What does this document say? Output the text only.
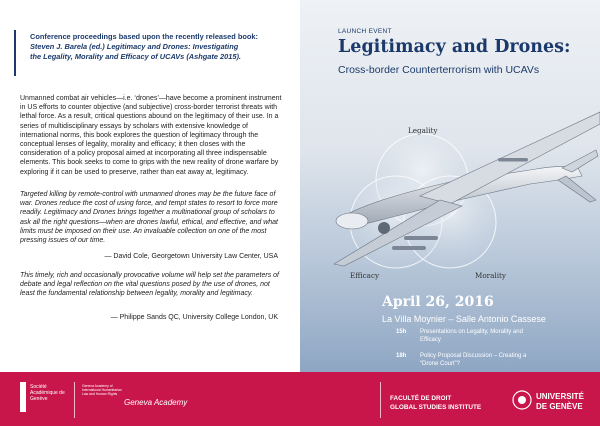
Conference proceedings based upon the recently released book:
Steven J. Barela (ed.) Legitimacy and Drones: Investigating
the Legality, Morality and Efficacy of UCAVs (Ashgate 2015).

Unmanned combat air vehicles—i.e. ‘drones’—have become a prominent instrument in US efforts to counter objective (and subjective) cross-border terrorist threats with lethal force. As a result, critical questions abound on the legitimacy of their use. In a series of multidisciplinary essays by scholars with extensive knowledge of international norms, this book explores the question of legitimacy through the conceptual lenses of legality, morality and efficacy; it then closes with the consideration of a policy proposal aimed at incorporating all three indispensable elements. This book seeks to come to grips with the new reality of drone warfare by exploring if it can be used to preserve, rather than eat away at, legitimacy.

Targeted killing by remote-control with unmanned drones may be the future face of war. Drones reduce the cost of using force, and tempt states to resort to force more readily. Legitimacy and Drones brings together a multinational group of scholars to ask all the right questions—when are drones lawful, ethical, and effective, and what limits must be imposed on their use. An invaluable collection on one of the most pressing issues of our time.

— David Cole, Georgetown University Law Center, USA

This timely, rich and occasionally provocative volume will help set the parameters of debate and legal reflection on the vital questions posed by the use of drones, not least the fundamental relationship between legality, morality and legitimacy.

— Philippe Sands QC, University College London, UK
LAUNCH EVENT
Legitimacy and Drones:
Cross-border Counterterrorism with UCAVs
Legality
Efficacy	Morality
April 26, 2016
La Villa Moynier – Salle Antonio Cassese
15h Presentations on Legality, Morality and Efficacy
18h Policy Proposal Discussion – Creating a “Drone Court”?
Société Académique de Genève
Geneva Academy of International Humanitarian Law and Human Rights
Geneva Academy	FACULTÉ DE DROIT
GLOBAL STUDIES INSTITUTE
UNIVERSITÉ
DE GENÈVE
